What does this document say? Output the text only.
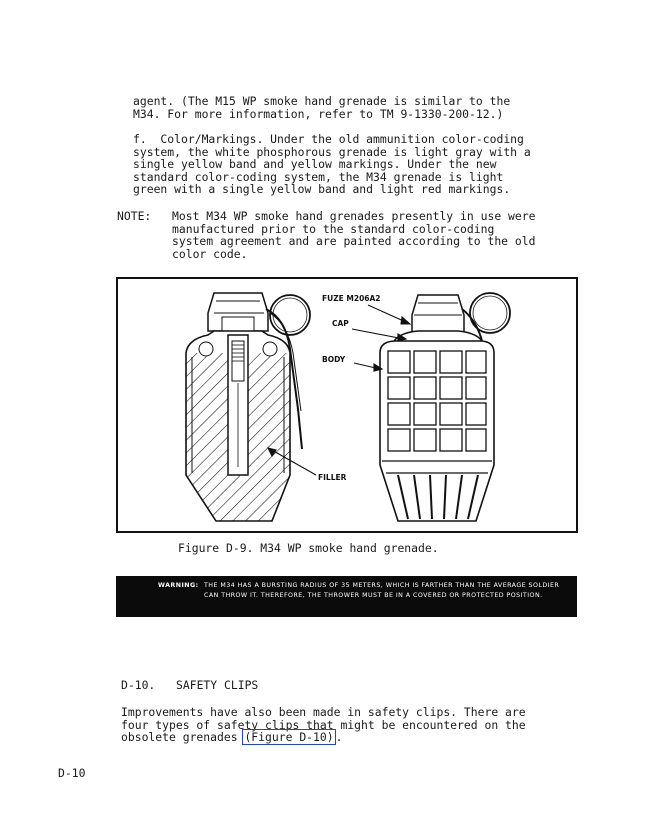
agent. (The M15 WP smoke hand grenade is similar to the
M34. For more information, refer to TM 9-1330-200-12.)
f.  Color/Markings. Under the old ammunition color-coding
system, the white phosphorous grenade is light gray with a
single yellow band and yellow markings. Under the new
standard color-coding system, the M34 grenade is light
green with a single yellow band and light red markings.
NOTE: Most M34 WP smoke hand grenades presently in use were
manufactured prior to the standard color-coding
system agreement and are painted according to the old
color code.
FUZE M206A2
CAP
BODY
FILLER
Figure D-9. M34 WP smoke hand grenade.
WARNING: THE M34 HAS A BURSTING RADIUS OF 35 METERS, WHICH IS FARTHER THAN THE AVERAGE SOLDIER CAN THROW IT. THEREFORE, THE THROWER MUST BE IN A COVERED OR PROTECTED POSITION.
D-10. SAFETY CLIPS
Improvements have also been made in safety clips. There are
four types of safety clips that might be encountered on the
obsolete grenades (Figure D-10) .
D-10
